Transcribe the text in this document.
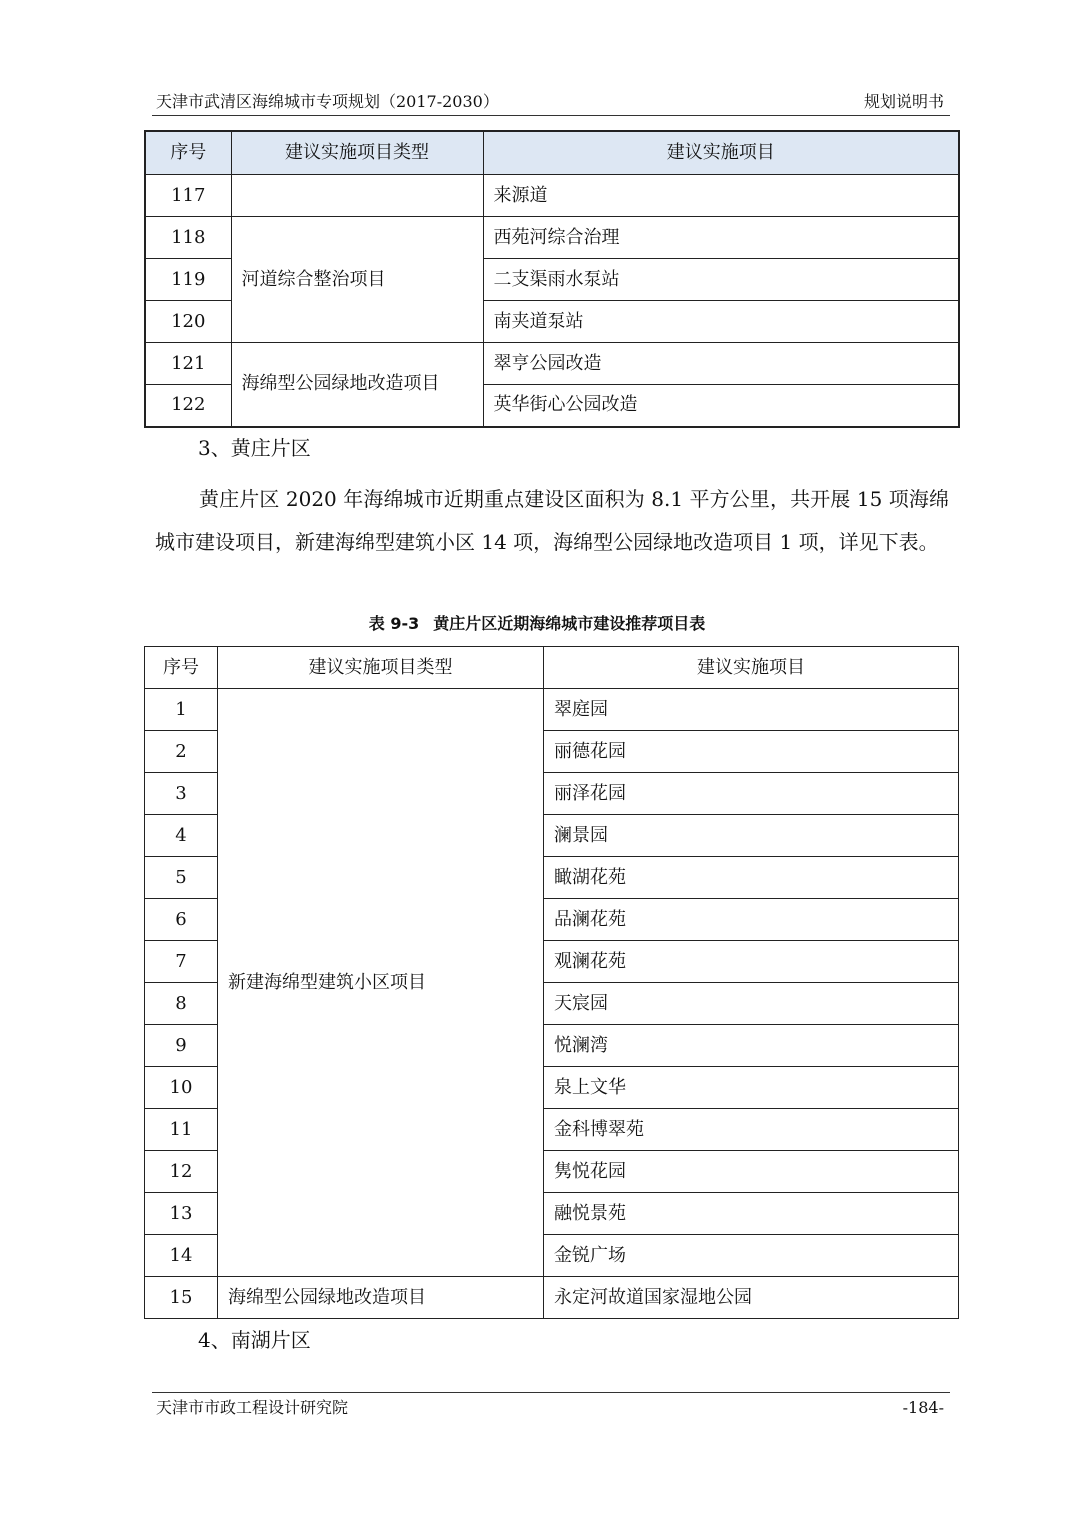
天津市武清区海绵城市专项规划（2017-2030）	规划说明书
序号	建议实施项目类型	建议实施项目
117		来源道
118	河道综合整治项目	西苑河综合治理
119		二支渠雨水泵站
120		南夹道泵站
121	海绵型公园绿地改造项目	翠亨公园改造
122		英华街心公园改造
3、黄庄片区
黄庄片区 2020 年海绵城市近期重点建设区面积为 8.1 平方公里，共开展 15 项海绵城市建设项目，新建海绵型建筑小区 14 项，海绵型公园绿地改造项目 1 项，详见下表。
表 9-3 黄庄片区近期海绵城市建设推荐项目表
序号	建议实施项目类型	建议实施项目
1	新建海绵型建筑小区项目	翠庭园
2		丽德花园
3		丽泽花园
4		澜景园
5		瞰湖花苑
6		品澜花苑
7		观澜花苑
8		天宸园
9		悦澜湾
10		泉上文华
11		金科博翠苑
12		隽悦花园
13		融悦景苑
14		金锐广场
15	海绵型公园绿地改造项目	永定河故道国家湿地公园
4、南湖片区
天津市市政工程设计研究院	-184-
